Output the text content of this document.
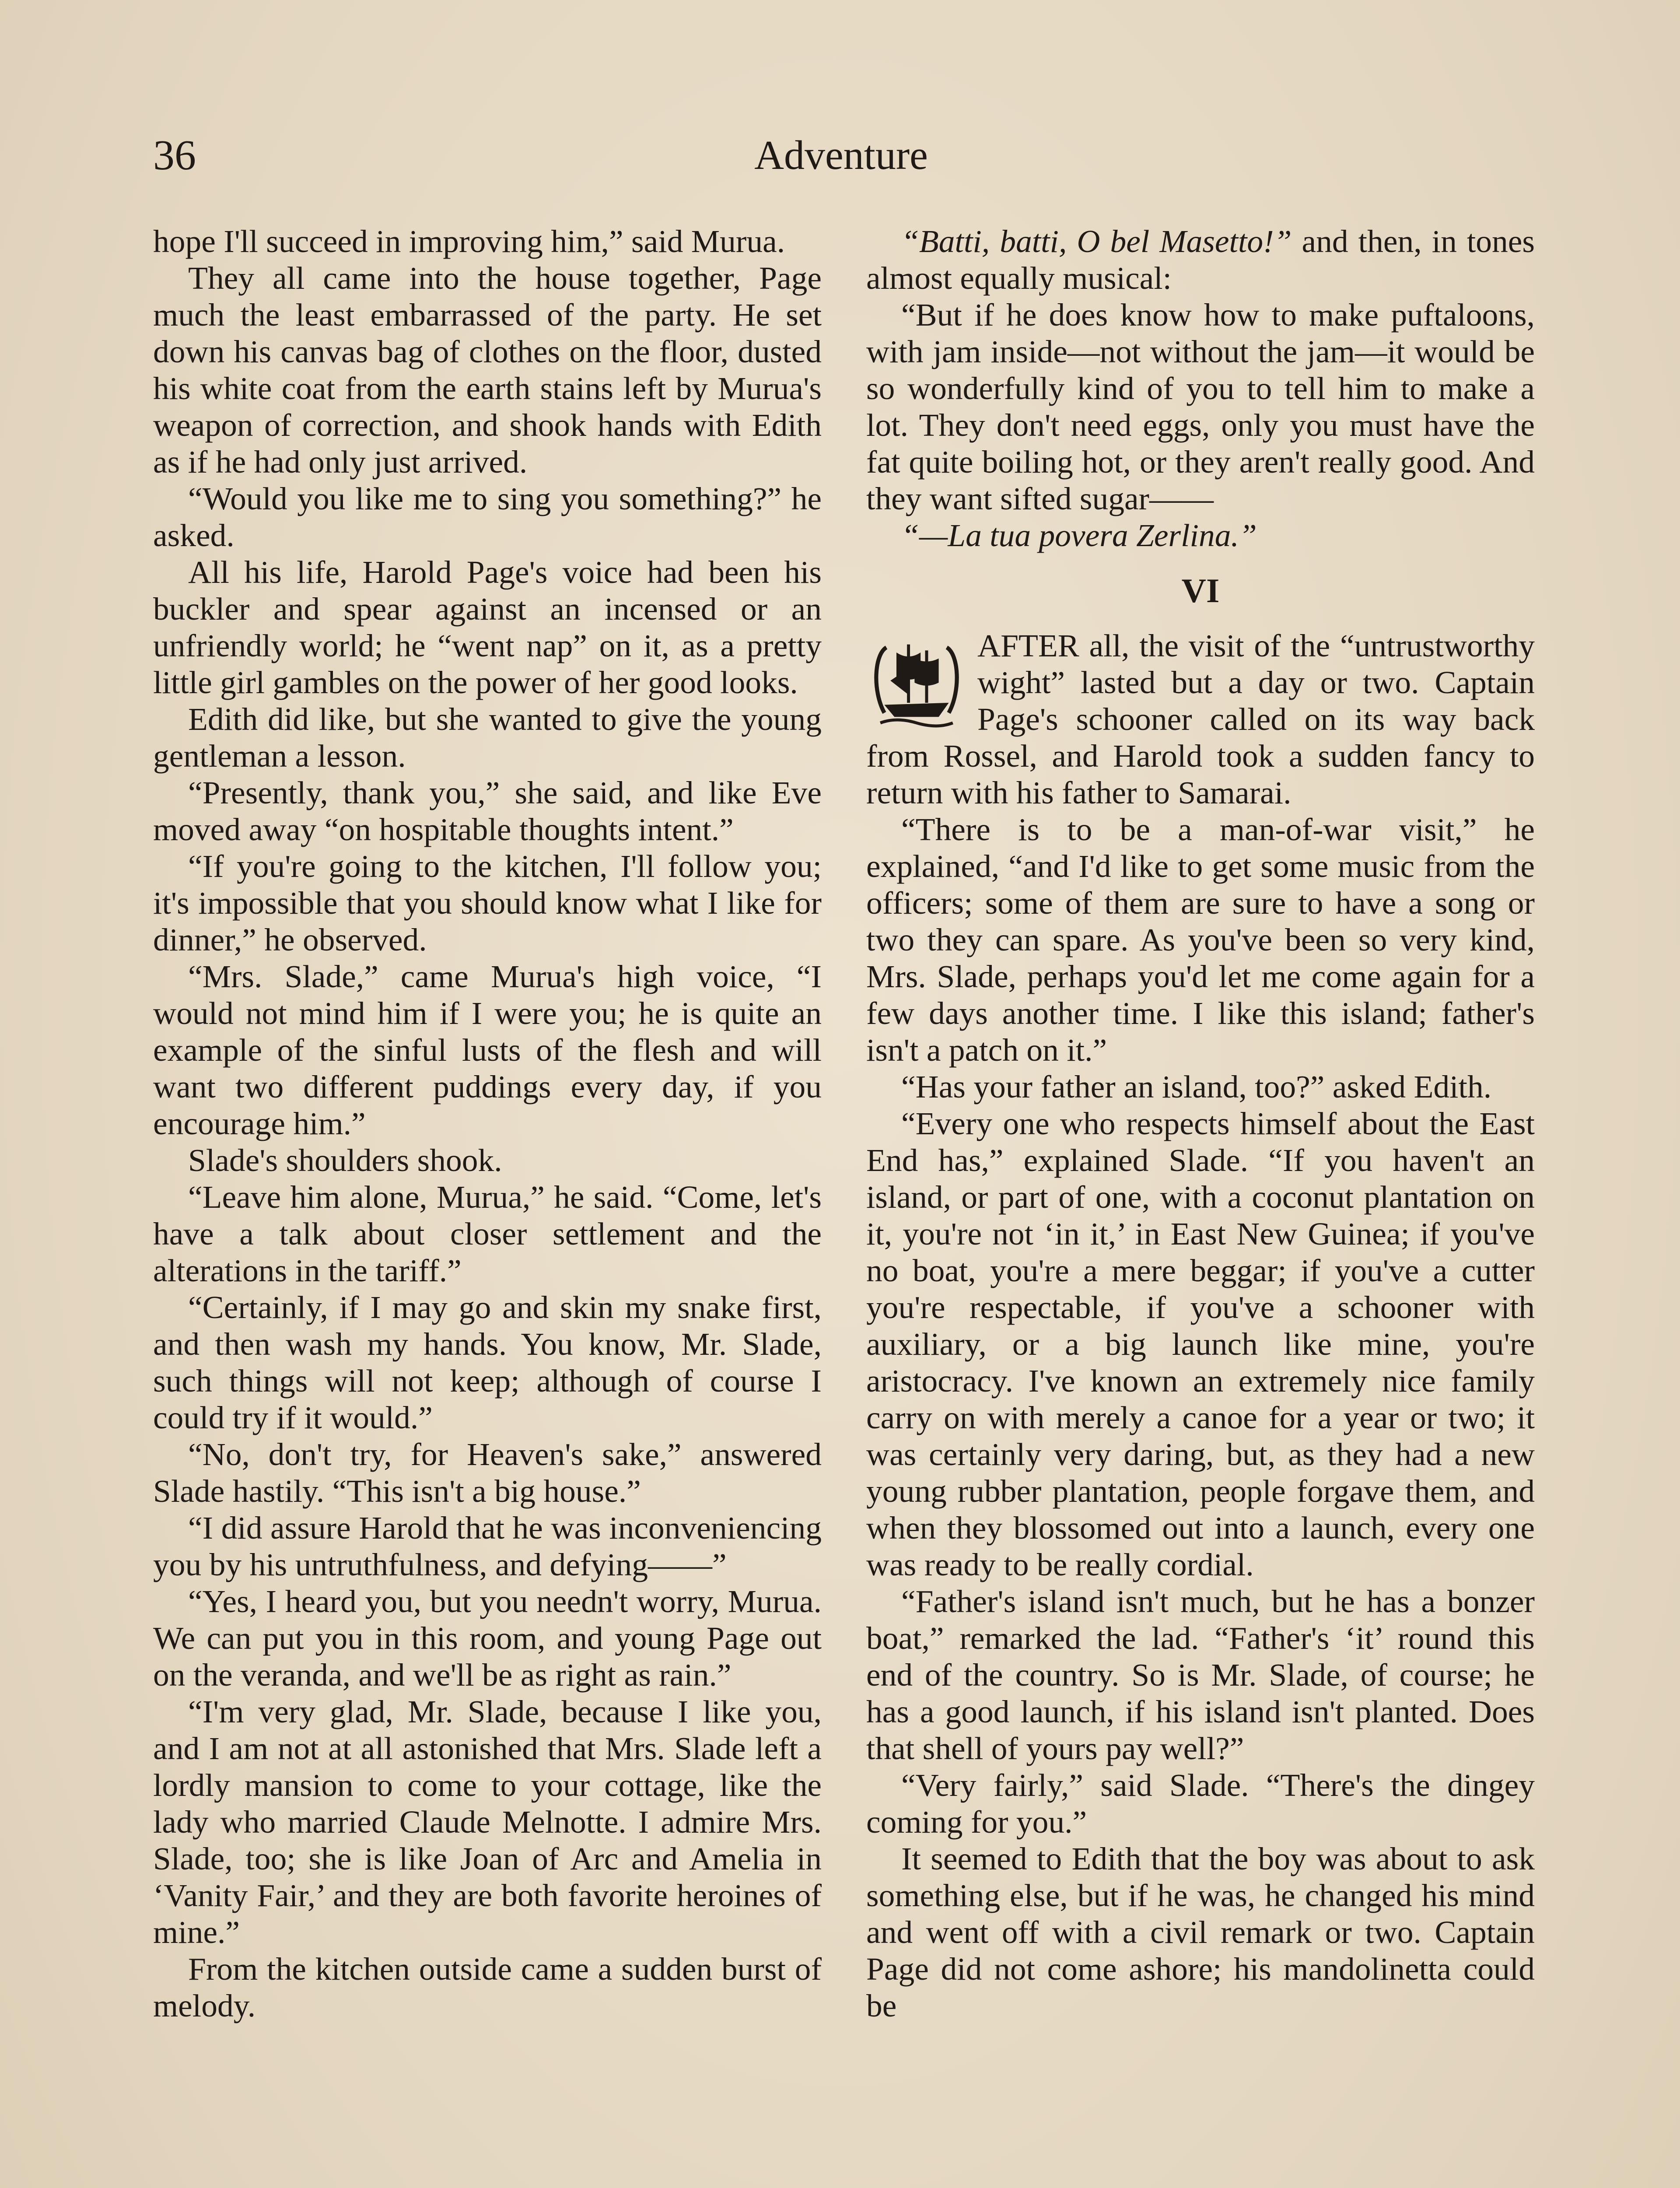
36	Adventure

hope I'll succeed in improving him,” said Murua.

They all came into the house together, Page much the least embarrassed of the party. He set down his canvas bag of clothes on the floor, dusted his white coat from the earth stains left by Murua's weapon of correction, and shook hands with Edith as if he had only just arrived.

“Would you like me to sing you something?” he asked.

All his life, Harold Page's voice had been his buckler and spear against an incensed or an unfriendly world; he “went nap” on it, as a pretty little girl gambles on the power of her good looks.

Edith did like, but she wanted to give the young gentleman a lesson.

“Presently, thank you,” she said, and like Eve moved away “on hospitable thoughts intent.”

“If you're going to the kitchen, I'll follow you; it's impossible that you should know what I like for dinner,” he observed.

“Mrs. Slade,” came Murua's high voice, “I would not mind him if I were you; he is quite an example of the sinful lusts of the flesh and will want two different puddings every day, if you encourage him.”

Slade's shoulders shook.

“Leave him alone, Murua,” he said. “Come, let's have a talk about closer settlement and the alterations in the tariff.”

“Certainly, if I may go and skin my snake first, and then wash my hands. You know, Mr. Slade, such things will not keep; although of course I could try if it would.”

“No, don't try, for Heaven's sake,” answered Slade hastily. “This isn't a big house.”

“I did assure Harold that he was inconveniencing you by his untruthfulness, and defying——”

“Yes, I heard you, but you needn't worry, Murua. We can put you in this room, and young Page out on the veranda, and we'll be as right as rain.”

“I'm very glad, Mr. Slade, because I like you, and I am not at all astonished that Mrs. Slade left a lordly mansion to come to your cottage, like the lady who married Claude Melnotte. I admire Mrs. Slade, too; she is like Joan of Arc and Amelia in ‘Vanity Fair,’ and they are both favorite heroines of mine.”

From the kitchen outside came a sudden burst of melody.

“Batti, batti, O bel Masetto!” and then, in tones almost equally musical:

“But if he does know how to make puftaloons, with jam inside—not without the jam—it would be so wonderfully kind of you to tell him to make a lot. They don't need eggs, only you must have the fat quite boiling hot, or they aren't really good. And they want sifted sugar——

“—La tua povera Zerlina.”

VI

AFTER all, the visit of the “untrustworthy wight” lasted but a day or two. Captain Page's schooner called on its way back from Rossel, and Harold took a sudden fancy to return with his father to Samarai.

“There is to be a man-of-war visit,” he explained, “and I'd like to get some music from the officers; some of them are sure to have a song or two they can spare. As you've been so very kind, Mrs. Slade, perhaps you'd let me come again for a few days another time. I like this island; father's isn't a patch on it.”

“Has your father an island, too?” asked Edith.

“Every one who respects himself about the East End has,” explained Slade. “If you haven't an island, or part of one, with a coconut plantation on it, you're not ‘in it,’ in East New Guinea; if you've no boat, you're a mere beggar; if you've a cutter you're respectable, if you've a schooner with auxiliary, or a big launch like mine, you're aristocracy. I've known an extremely nice family carry on with merely a canoe for a year or two; it was certainly very daring, but, as they had a new young rubber plantation, people forgave them, and when they blossomed out into a launch, every one was ready to be really cordial.

“Father's island isn't much, but he has a bonzer boat,” remarked the lad. “Father's ‘it’ round this end of the country. So is Mr. Slade, of course; he has a good launch, if his island isn't planted. Does that shell of yours pay well?”

“Very fairly,” said Slade. “There's the dingey coming for you.”

It seemed to Edith that the boy was about to ask something else, but if he was, he changed his mind and went off with a civil remark or two. Captain Page did not come ashore; his mandolinetta could be
